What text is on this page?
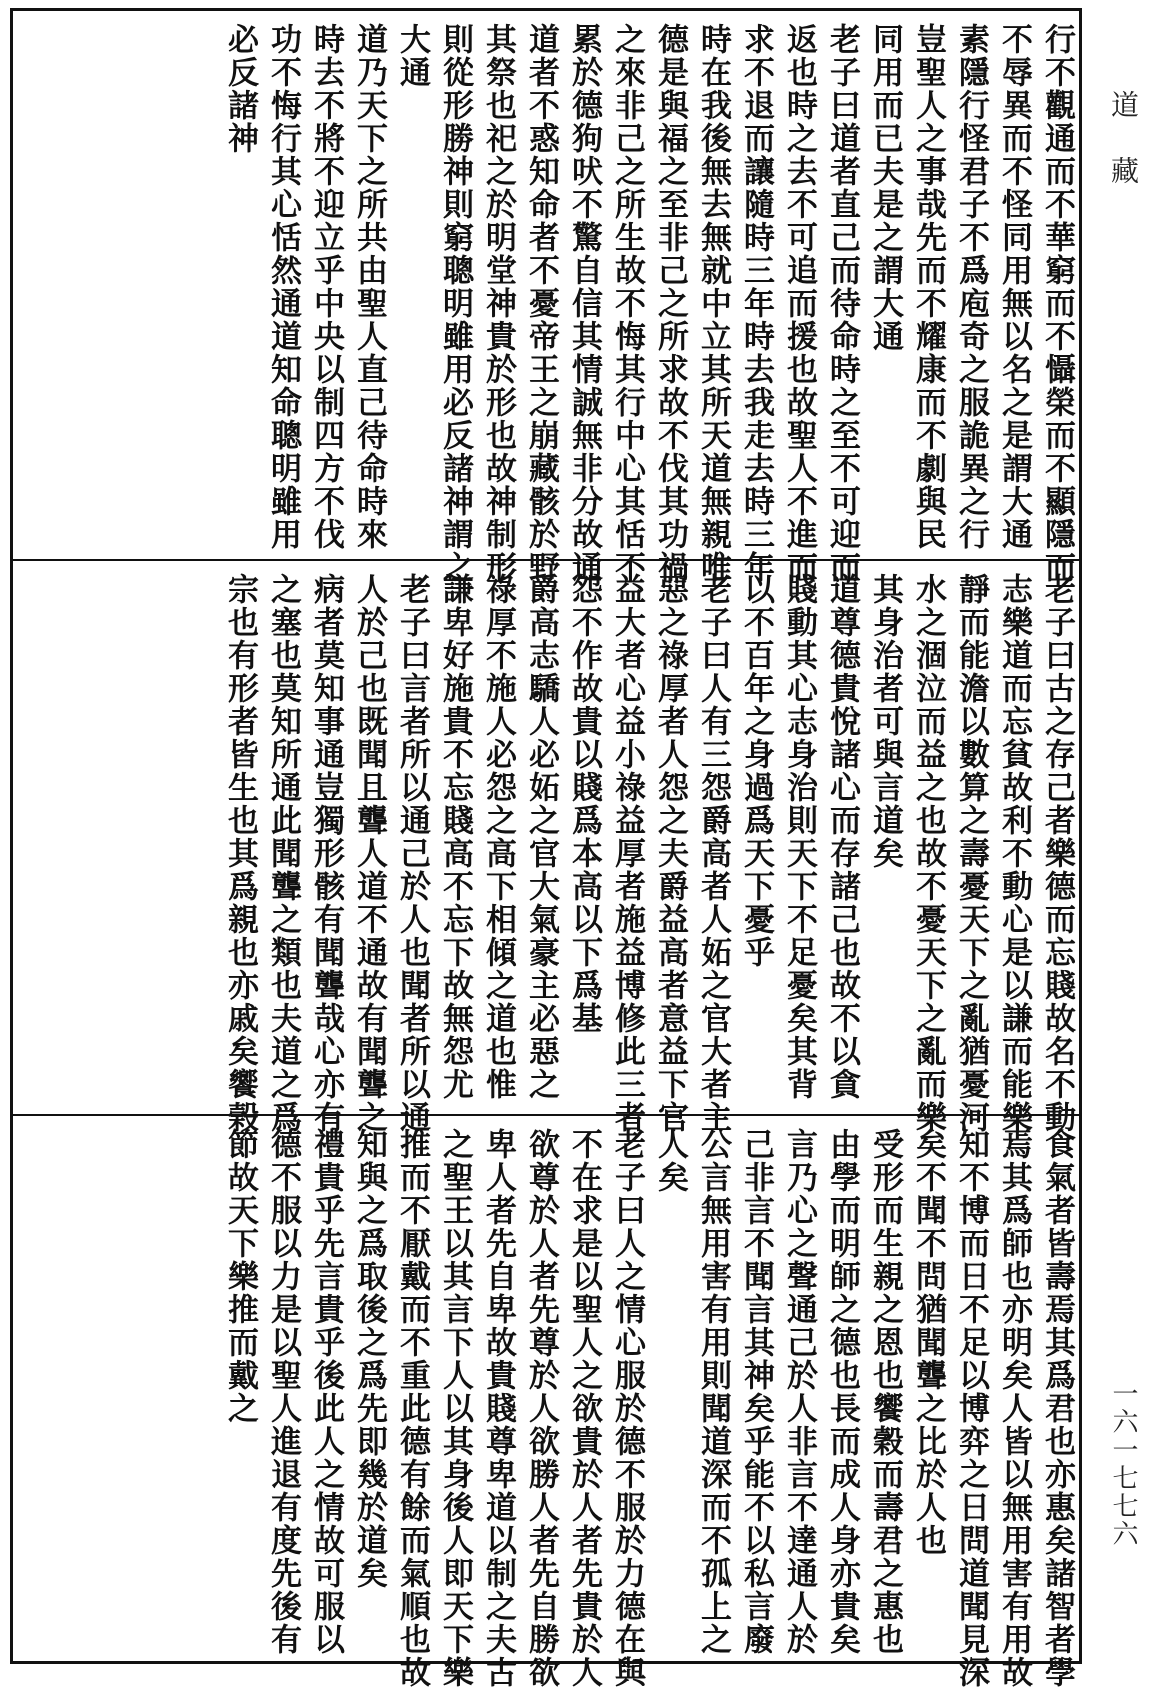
行不觀通而不華窮而不懾榮而不顯隱而
不辱異而不怪同用無以名之是謂大通
素隱行怪君子不爲庖奇之服詭異之行
豈聖人之事哉先而不耀康而不劇與民
同用而已夫是之謂大通
老子曰道者直己而待命時之至不可迎而
返也時之去不可追而援也故聖人不進而
求不退而讓隨時三年時去我走去時三年
時在我後無去無就中立其所天道無親唯
德是與福之至非己之所求故不伐其功禍
之來非己之所生故不悔其行中心其恬不
累於德狗吠不驚自信其情誠無非分故通
道者不惑知命者不憂帝王之崩藏骸於野
其祭也祀之於明堂神貴於形也故神制形
則從形勝神則窮聰明雖用必反諸神謂之
大通
道乃天下之所共由聖人直己待命時來
時去不將不迎立乎中央以制四方不伐
功不悔行其心恬然通道知命聰明雖用
必反諸神
老子曰古之存己者樂德而忘賤故名不動
志樂道而忘貧故利不動心是以謙而能樂
靜而能澹以數算之壽憂天下之亂猶憂河
水之涸泣而益之也故不憂天下之亂而樂
其身治者可與言道矣
道尊德貴悅諸心而存諸己也故不以貪
賤動其心志身治則天下不足憂矣其背
以不百年之身過爲天下憂乎
老子曰人有三怨爵高者人妬之官大者主
惡之祿厚者人怨之夫爵益高者意益下官
益大者心益小祿益厚者施益博修此三者
怨不作故貴以賤爲本高以下爲基
爵高志驕人必妬之官大氣豪主必惡之
祿厚不施人必怨之高下相傾之道也惟
謙卑好施貴不忘賤高不忘下故無怨尤
老子曰言者所以通己於人也聞者所以通
人於己也既聞且聾人道不通故有聞聾之
病者莫知事通豈獨形骸有聞聾哉心亦有
之塞也莫知所通此聞聾之類也夫道之爲
宗也有形者皆生也其爲親也亦戚矣饗榖
食氣者皆壽焉其爲君也亦惠矣諸智者學
焉其爲師也亦明矣人皆以無用害有用故
知不博而日不足以博弈之日問道聞見深
矣不聞不問猶聞聾之比於人也
受形而生親之恩也饗穀而壽君之惠也
由學而明師之德也長而成人身亦貴矣
言乃心之聲通己於人非言不達通人於
己非言不聞言其神矣乎能不以私言廢
公言無用害有用則聞道深而不孤上之
人矣
老子曰人之情心服於德不服於力德在與
不在求是以聖人之欲貴於人者先貴於人
欲尊於人者先尊於人欲勝人者先自勝欲
卑人者先自卑故貴賤尊卑道以制之夫古
之聖王以其言下人以其身後人即天下樂
推而不厭戴而不重此德有餘而氣順也故
知與之爲取後之爲先即幾於道矣
禮貴乎先言貴乎後此人之情故可服以
德不服以力是以聖人進退有度先後有
節故天下樂推而戴之
道藏
一六一七七六
